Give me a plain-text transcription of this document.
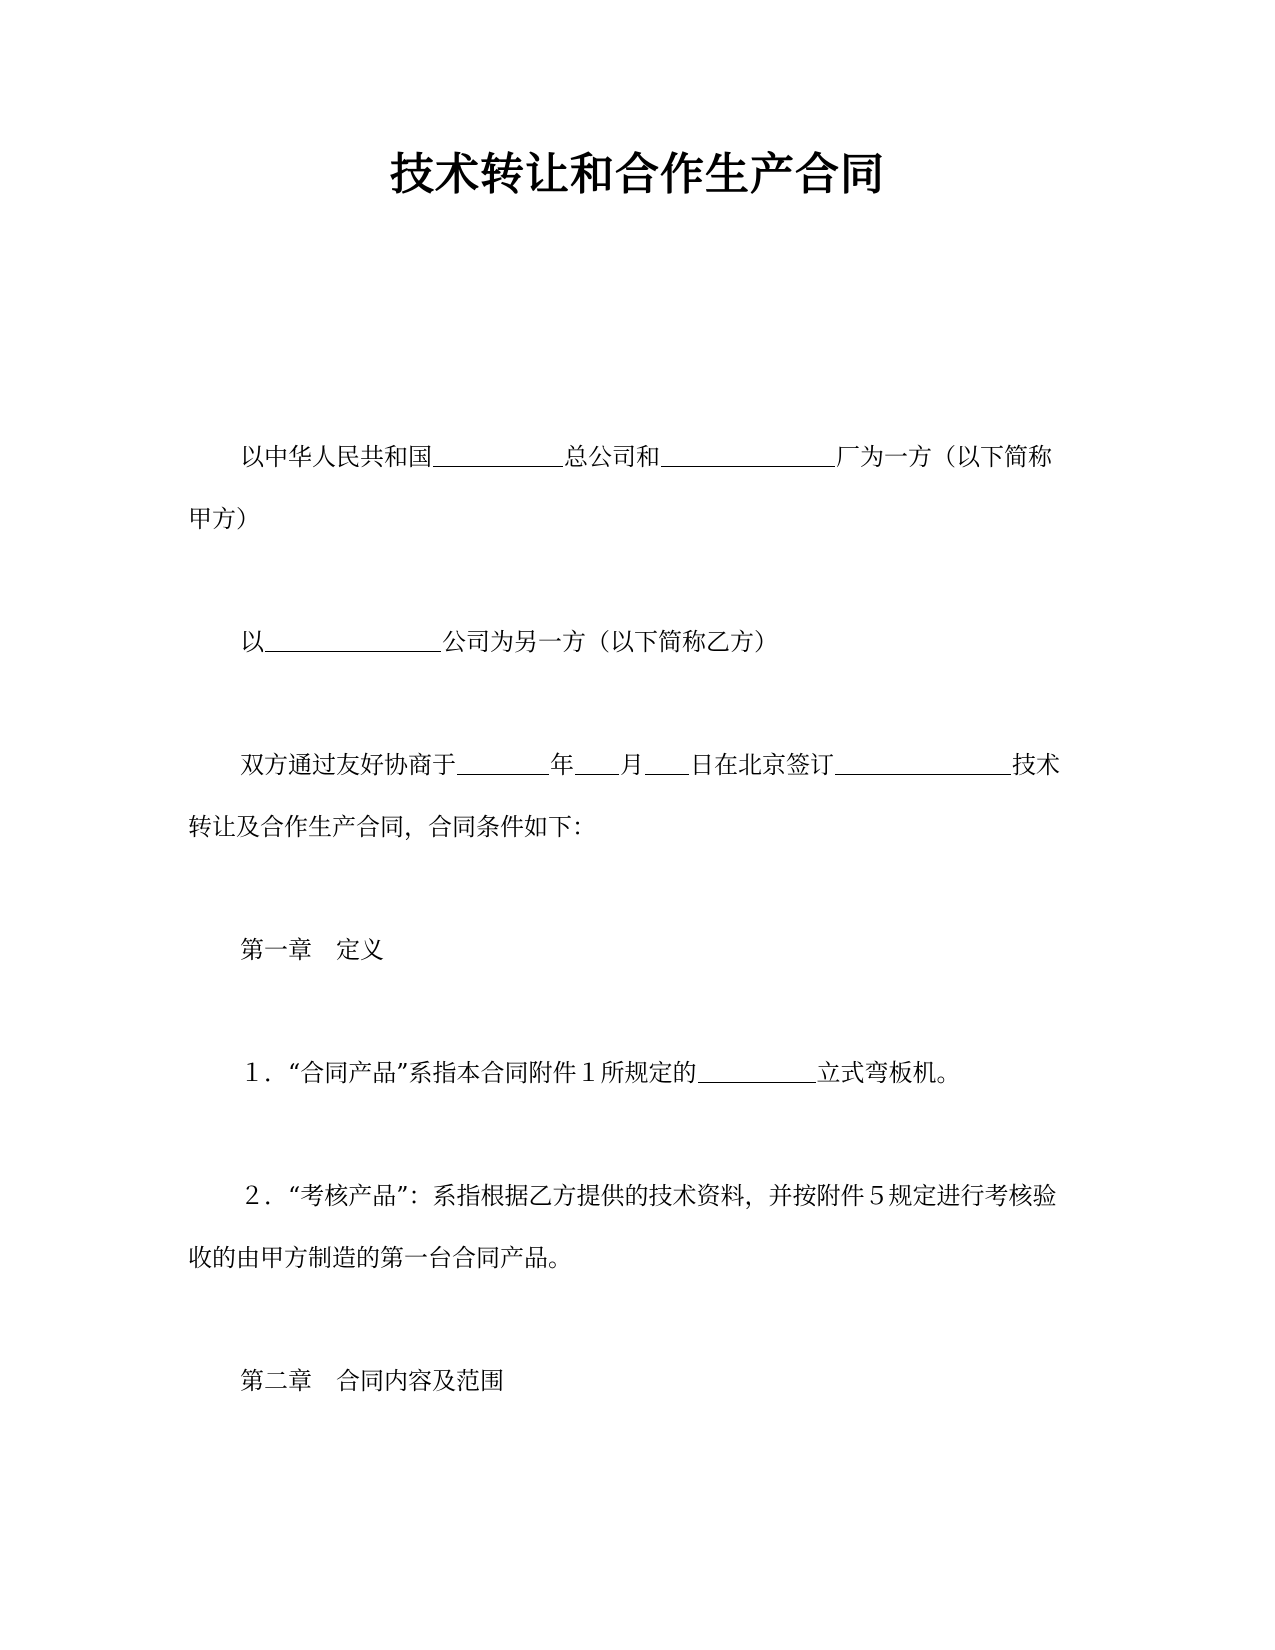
技术转让和合作生产合同
以中华人民共和国	总公司和	厂为一方（以下简称
甲方）
以	公司为另一方（以下简称乙方）
双方通过友好协商于	年 月 日在北京签订	技术
转让及合作生产合同，合同条件如下：
第一章　定义
１．“合同产品”系指本合同附件１所规定的	立式弯板机。
２．“考核产品”：系指根据乙方提供的技术资料，并按附件５规定进行考核验
收的由甲方制造的第一台合同产品。
第二章　合同内容及范围
